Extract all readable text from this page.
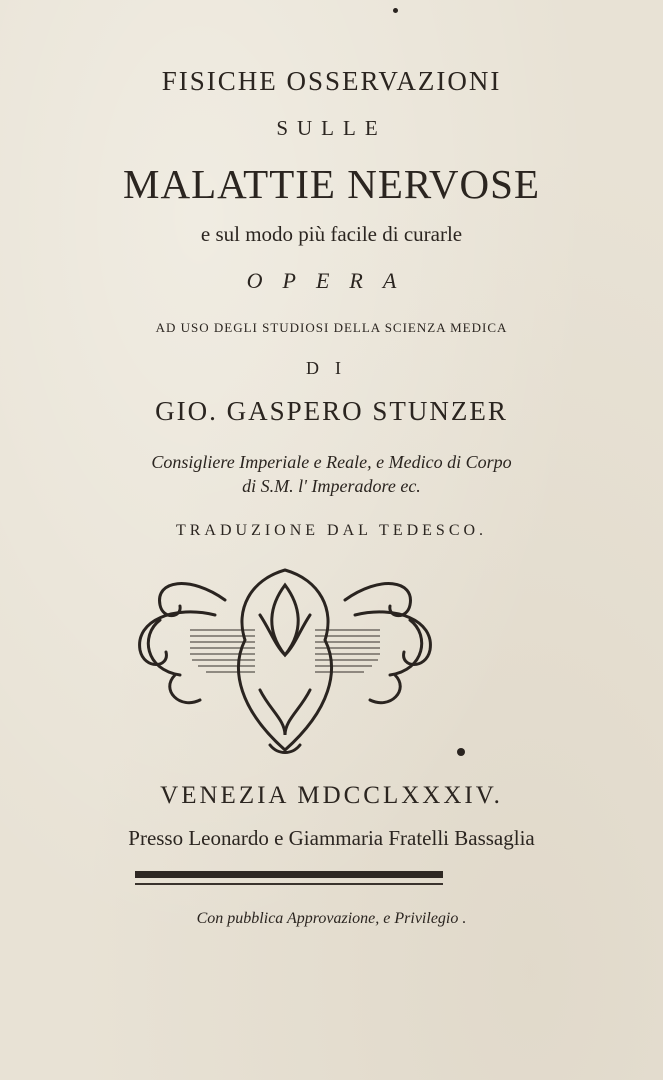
FISICHE OSSERVAZIONI
SULLE
MALATTIE NERVOSE
e sul modo più facile di curarle
OPERA
AD USO DEGLI STUDIOSI DELLA SCIENZA MEDICA
DI
GIO. GASPERO STUNZER
Consigliere Imperiale e Reale, e Medico di Corpo
di S.M. l' Imperadore ec.
TRADUZIONE DAL TEDESCO.
VENEZIA MDCCLXXXIV.
Presso Leonardo e Giammaria Fratelli Bassaglia
Con pubblica Approvazione, e Privilegio .
